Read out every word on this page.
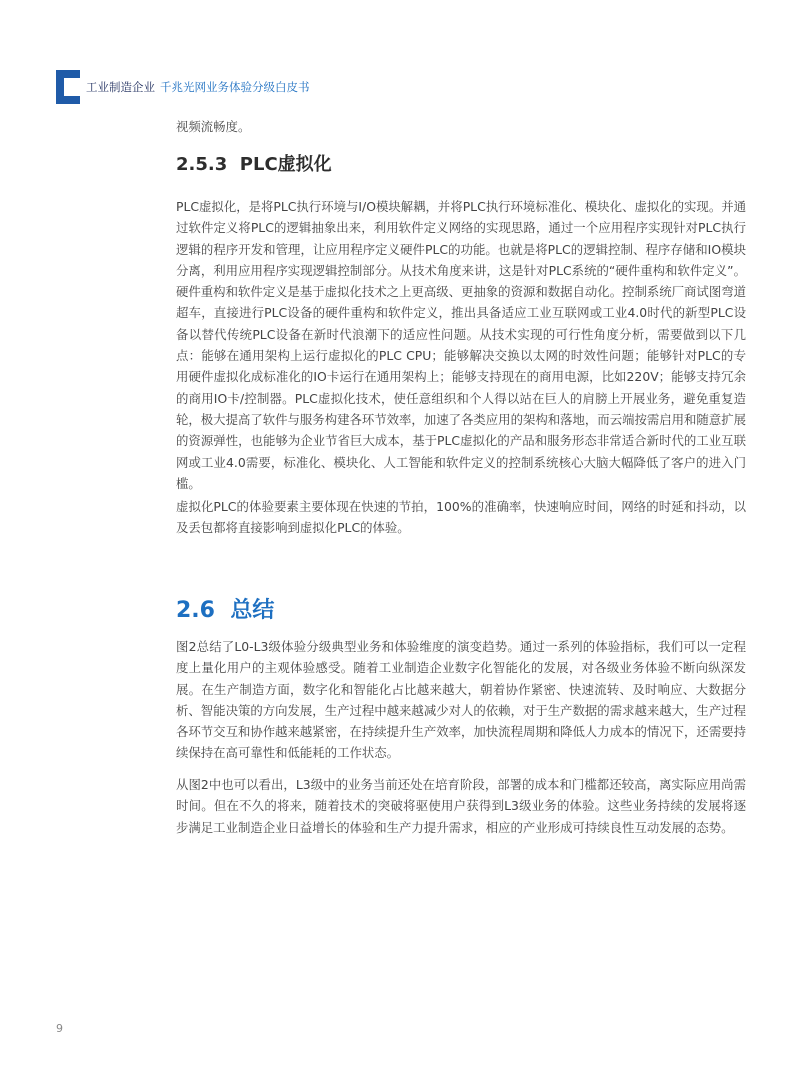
工业制造企业 千兆光网业务体验分级白皮书

视频流畅度。

2.5.3 PLC虚拟化

PLC虚拟化，是将PLC执行环境与I/O模块解耦，并将PLC执行环境标准化、模块化、虚拟化的实现。并通过软件定义将PLC的逻辑抽象出来，利用软件定义网络的实现思路，通过一个应用程序实现针对PLC执行逻辑的程序开发和管理，让应用程序定义硬件PLC的功能。也就是将PLC的逻辑控制、程序存储和IO模块分离，利用应用程序实现逻辑控制部分。从技术角度来讲，这是针对PLC系统的“硬件重构和软件定义”。硬件重构和软件定义是基于虚拟化技术之上更高级、更抽象的资源和数据自动化。控制系统厂商试图弯道超车，直接进行PLC设备的硬件重构和软件定义，推出具备适应工业互联网或工业4.0时代的新型PLC设备以替代传统PLC设备在新时代浪潮下的适应性问题。从技术实现的可行性角度分析，需要做到以下几点：能够在通用架构上运行虚拟化的PLC CPU；能够解决交换以太网的时效性问题；能够针对PLC的专用硬件虚拟化成标准化的IO卡运行在通用架构上；能够支持现在的商用电源，比如220V；能够支持冗余的商用IO卡/控制器。PLC虚拟化技术，使任意组织和个人得以站在巨人的肩膀上开展业务，避免重复造轮，极大提高了软件与服务构建各环节效率，加速了各类应用的架构和落地，而云端按需启用和随意扩展的资源弹性，也能够为企业节省巨大成本，基于PLC虚拟化的产品和服务形态非常适合新时代的工业互联网或工业4.0需要，标准化、模块化、人工智能和软件定义的控制系统核心大脑大幅降低了客户的进入门槛。

虚拟化PLC的体验要素主要体现在快速的节拍，100%的准确率，快速响应时间，网络的时延和抖动，以及丢包都将直接影响到虚拟化PLC的体验。

2.6 总结

图2总结了L0-L3级体验分级典型业务和体验维度的演变趋势。通过一系列的体验指标，我们可以一定程度上量化用户的主观体验感受。随着工业制造企业数字化智能化的发展，对各级业务体验不断向纵深发展。在生产制造方面，数字化和智能化占比越来越大，朝着协作紧密、快速流转、及时响应、大数据分析、智能决策的方向发展，生产过程中越来越减少对人的依赖，对于生产数据的需求越来越大，生产过程各环节交互和协作越来越紧密，在持续提升生产效率，加快流程周期和降低人力成本的情况下，还需要持续保持在高可靠性和低能耗的工作状态。

从图2中也可以看出，L3级中的业务当前还处在培育阶段，部署的成本和门槛都还较高，离实际应用尚需时间。但在不久的将来，随着技术的突破将驱使用户获得到L3级业务的体验。这些业务持续的发展将逐步满足工业制造企业日益增长的体验和生产力提升需求，相应的产业形成可持续良性互动发展的态势。

9
